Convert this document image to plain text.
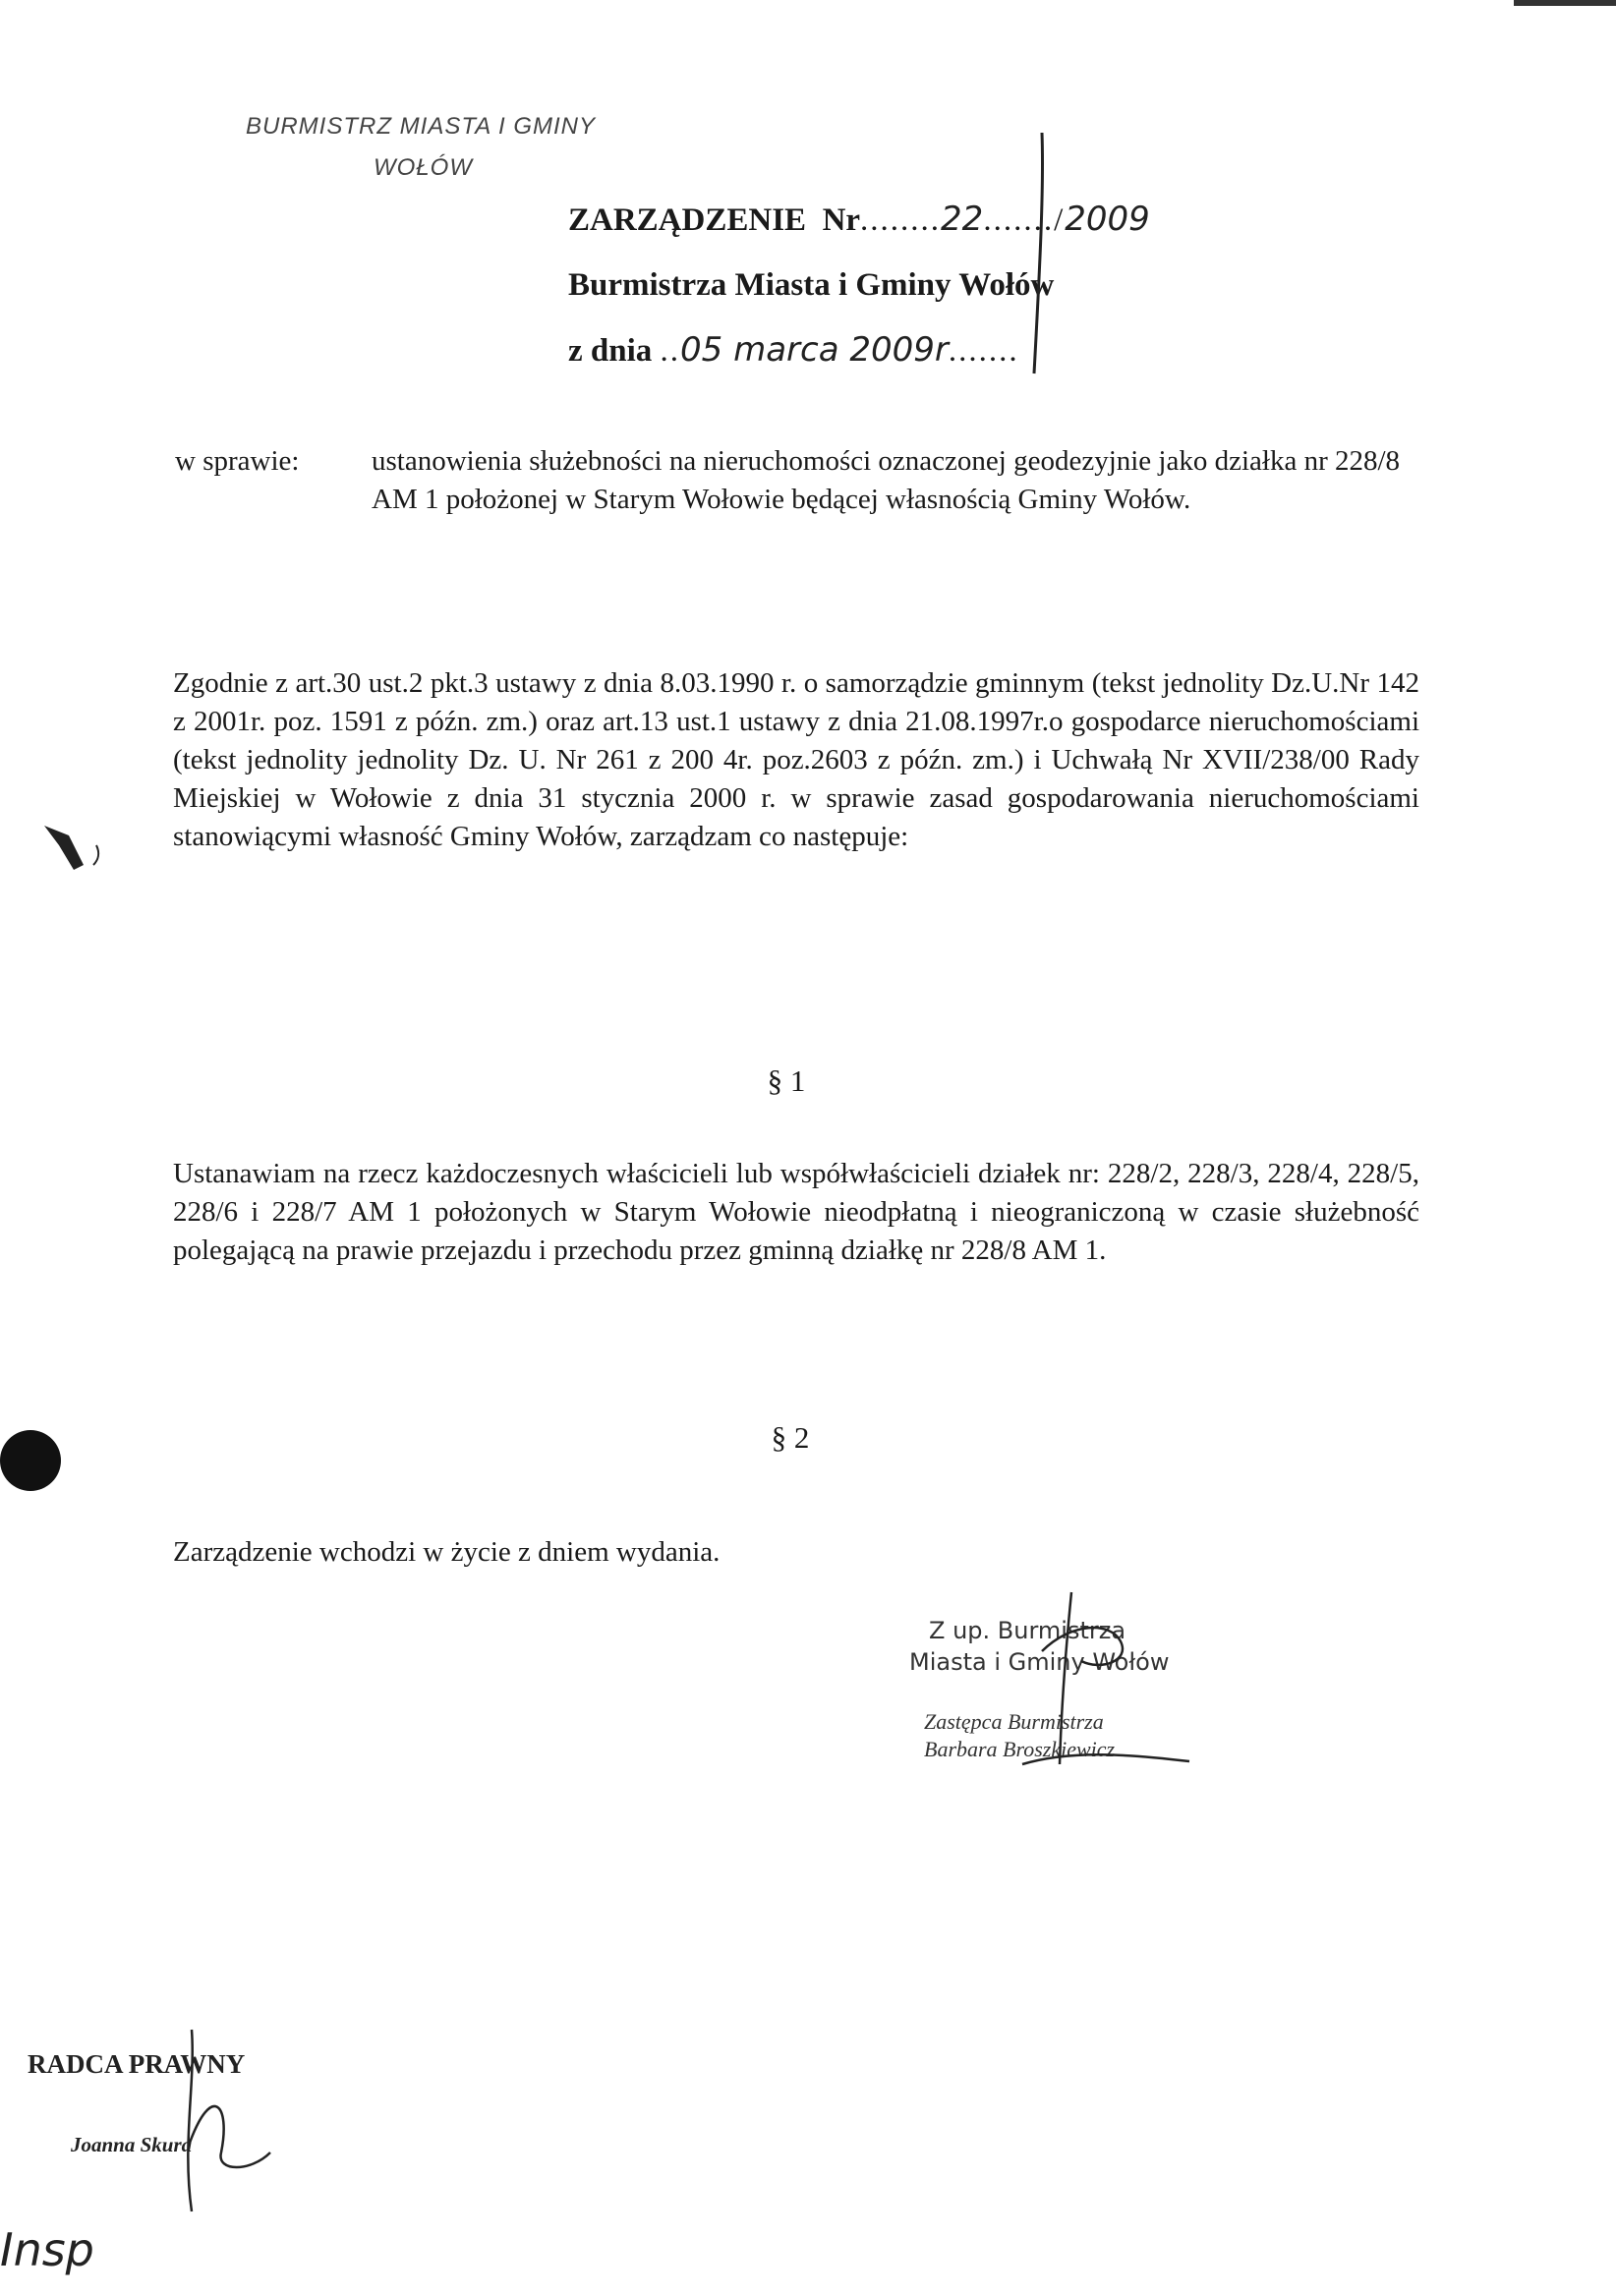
BURMISTRZ MIASTA I GMINY
WOŁÓW
ZARZĄDZENIE Nr........22......./2009
Burmistrza Miasta i Gminy Wołów
z dnia ..05 marca 2009r.......
w sprawie:	ustanowienia służebności na nieruchomości oznaczonej geodezyjnie jako działka nr 228/8 AM 1 położonej w Starym Wołowie będącej własnością Gminy Wołów.
Zgodnie z art.30 ust.2 pkt.3 ustawy z dnia 8.03.1990 r. o samorządzie gminnym (tekst jednolity Dz.U.Nr 142 z 2001r. poz. 1591 z późn. zm.) oraz art.13 ust.1 ustawy z dnia 21.08.1997r.o gospodarce nieruchomościami (tekst jednolity jednolity Dz. U. Nr 261 z 200 4r. poz.2603 z późn. zm.) i Uchwałą Nr XVII/238/00 Rady Miejskiej w Wołowie z dnia 31 stycznia 2000 r. w sprawie zasad gospodarowania nieruchomościami stanowiącymi własność Gminy Wołów, zarządzam co następuje:
§ 1
Ustanawiam na rzecz każdoczesnych właścicieli lub współwłaścicieli działek nr: 228/2, 228/3, 228/4, 228/5, 228/6 i 228/7 AM 1 położonych w Starym Wołowie nieodpłatną i nieograniczoną w czasie służebność polegającą na prawie przejazdu i przechodu przez gminną działkę nr 228/8 AM 1.
§ 2
Zarządzenie wchodzi w życie z dniem wydania.
Z up. Burmistrza
Miasta i Gminy Wołów
Zastępca Burmistrza
Barbara Broszkiewicz
RADCA PRAWNY
Joanna Skura
Insp
